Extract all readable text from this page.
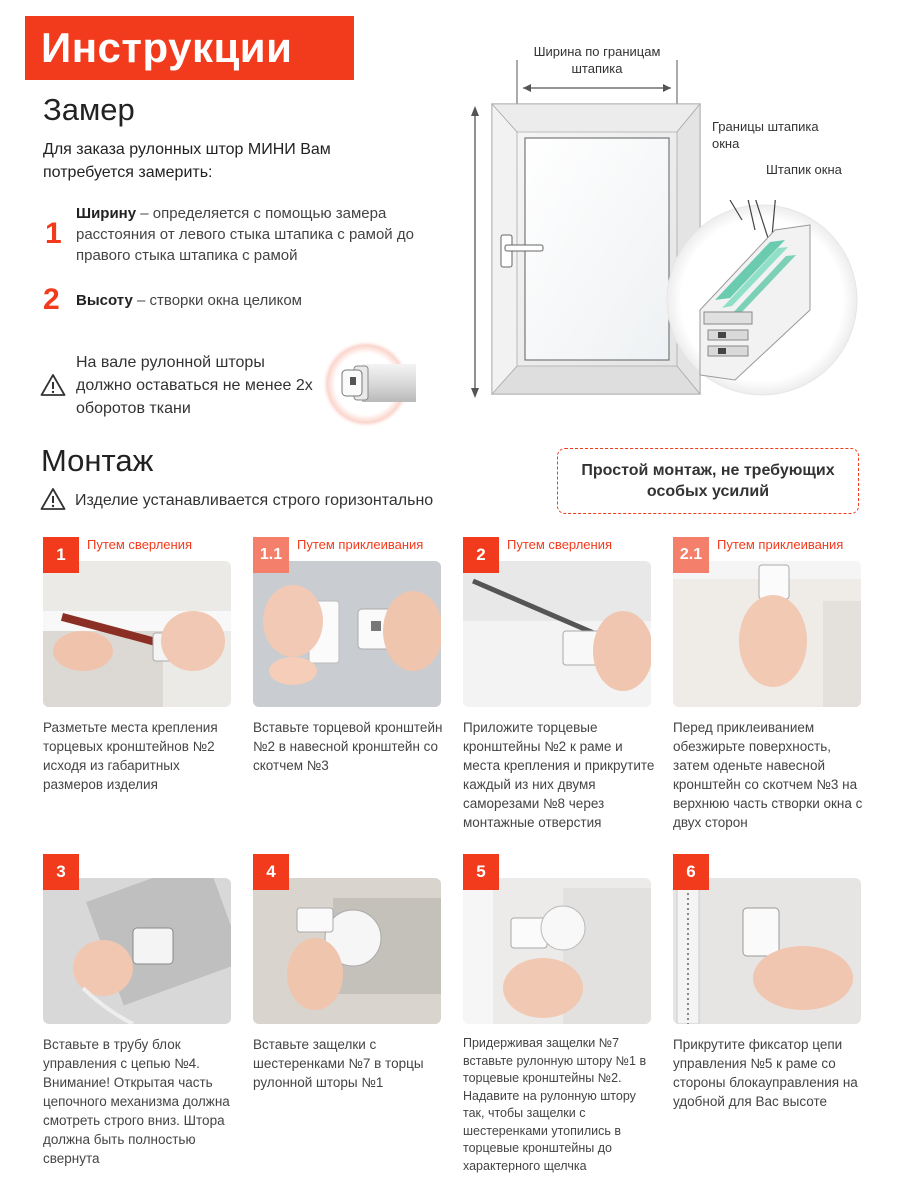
Инструкции
Замер
Для заказа рулонных штор МИНИ Вам потребуется замерить:
1
Ширину – определяется с помощью замера расстояния от левого стыка штапика с рамой до правого стыка штапика с рамой
2 Высоту – створки окна целиком
На вале рулонной шторы должно оставаться не менее 2х оборотов ткани
Ширина по границам штапика
Границы штапика окна
Штапик окна
Монтаж
Изделие устанавливается строго горизонтально
Простой монтаж, не требующих особых усилий
1
Путем сверления
Разметьте места крепления торцевых кронштейнов №2 исходя из габаритных размеров изделия
1.1
Путем приклеивания
Вставьте торцевой кронштейн №2 в навесной кронштейн со скотчем №3
2
Путем сверления
Приложите торцевые кронштейны №2 к раме и места крепления и прикрутите каждый из них двумя саморезами №8 через монтажные отверстия
2.1
Путем приклеивания
Перед приклеиванием обезжирьте поверхность, затем оденьте навесной кронштейн со скотчем №3 на верхнюю часть створки окна с двух сторон
3
Вставьте в трубу блок управления с цепью №4. Внимание! Открытая часть цепочного механизма должна смотреть строго вниз. Штора должна быть полностью свернута
4
Вставьте защелки с шестеренками №7 в торцы рулонной шторы №1
5
Придерживая защелки №7 вставьте рулонную штору №1 в торцевые кронштейны №2. Надавите на рулонную штору так, чтобы защелки с шестеренками утопились в торцевые кронштейны до характерного щелчка
6
Прикрутите фиксатор цепи управления №5 к раме со стороны блокауправления на удобной для Вас высоте
